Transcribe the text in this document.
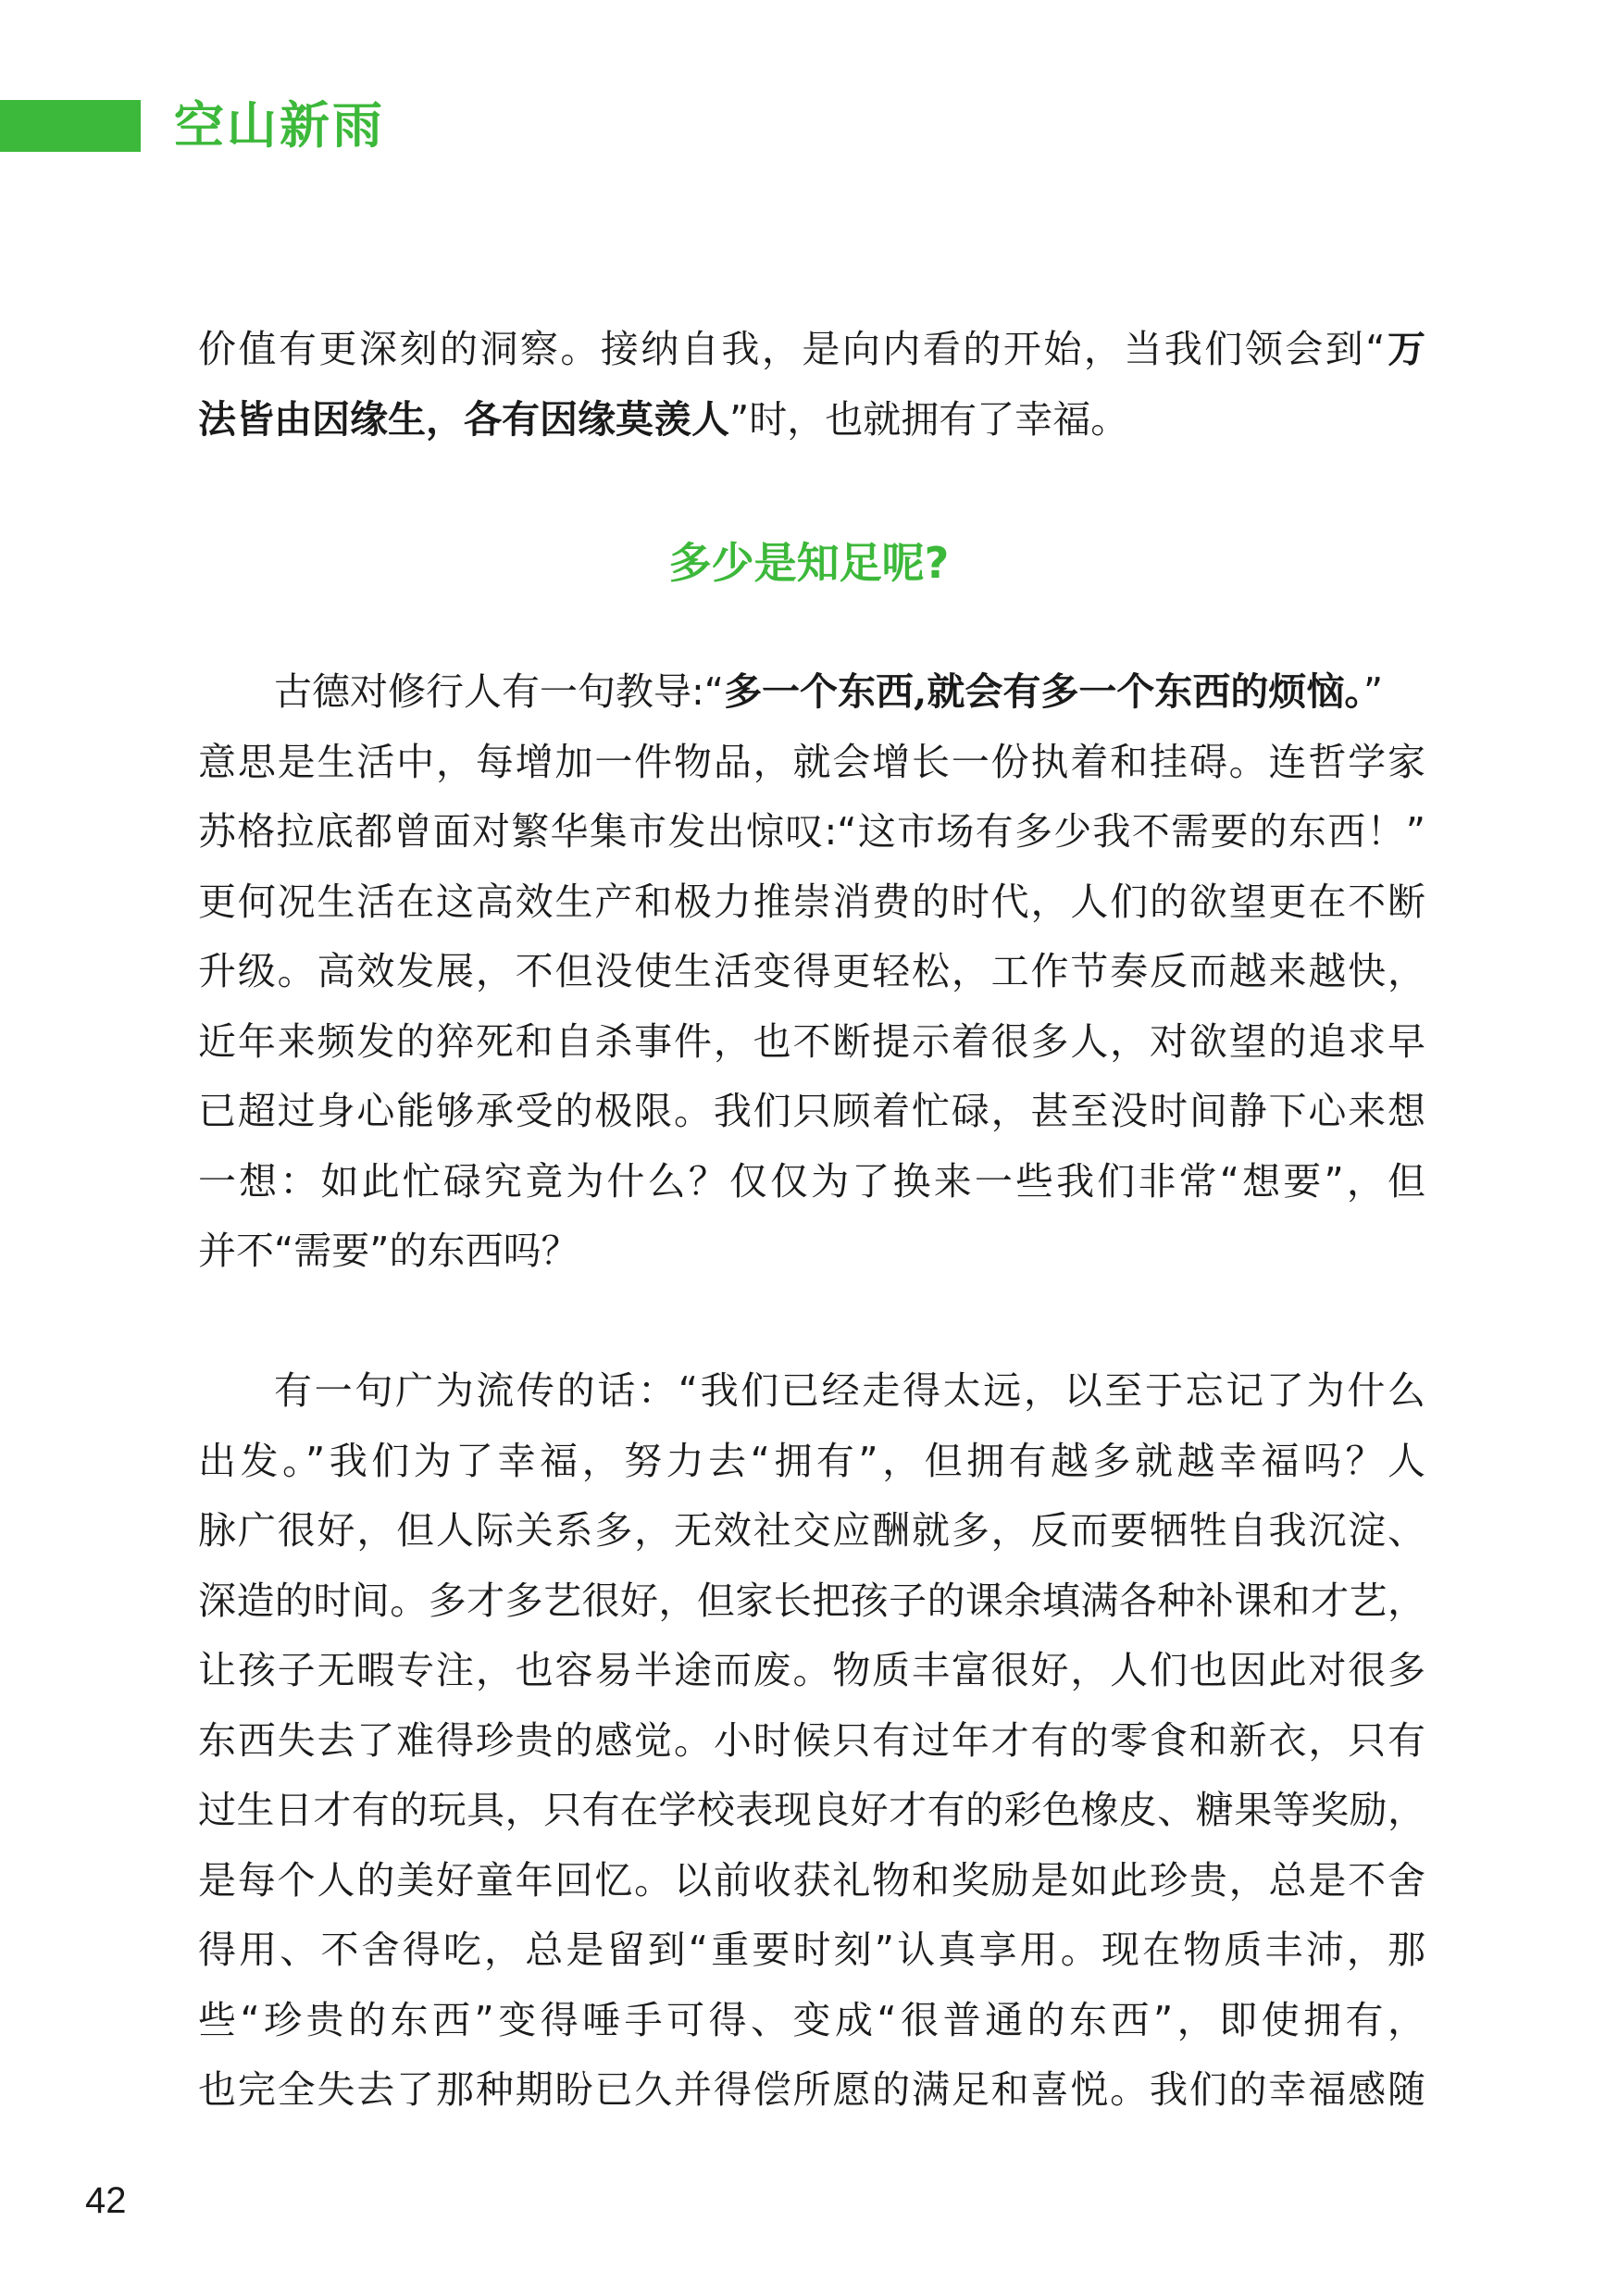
空山新雨
价值有更深刻的洞察。接纳自我，是向内看的开始，当我们领会到“万
法皆由因缘生，各有因缘莫羡人”时，也就拥有了幸福。
多少是知足呢?
古德对修行人有一句教导:“多一个东西,就会有多一个东西的烦恼。”
意思是生活中，每增加一件物品，就会增长一份执着和挂碍。连哲学家
苏格拉底都曾面对繁华集市发出惊叹:“这市场有多少我不需要的东西！”
更何况生活在这高效生产和极力推崇消费的时代，人们的欲望更在不断
升级。高效发展，不但没使生活变得更轻松，工作节奏反而越来越快，
近年来频发的猝死和自杀事件，也不断提示着很多人，对欲望的追求早
已超过身心能够承受的极限。我们只顾着忙碌，甚至没时间静下心来想
一想：如此忙碌究竟为什么？仅仅为了换来一些我们非常“想要”，但
并不“需要”的东西吗？
有一句广为流传的话：“我们已经走得太远，以至于忘记了为什么
出发。”我们为了幸福，努力去“拥有”，但拥有越多就越幸福吗？人
脉广很好，但人际关系多，无效社交应酬就多，反而要牺牲自我沉淀、
深造的时间。多才多艺很好，但家长把孩子的课余填满各种补课和才艺，
让孩子无暇专注，也容易半途而废。物质丰富很好，人们也因此对很多
东西失去了难得珍贵的感觉。小时候只有过年才有的零食和新衣，只有
过生日才有的玩具，只有在学校表现良好才有的彩色橡皮、糖果等奖励，
是每个人的美好童年回忆。以前收获礼物和奖励是如此珍贵，总是不舍
得用、不舍得吃，总是留到“重要时刻”认真享用。现在物质丰沛，那
些“珍贵的东西”变得唾手可得、变成“很普通的东西”，即使拥有，
也完全失去了那种期盼已久并得偿所愿的满足和喜悦。我们的幸福感随
42
